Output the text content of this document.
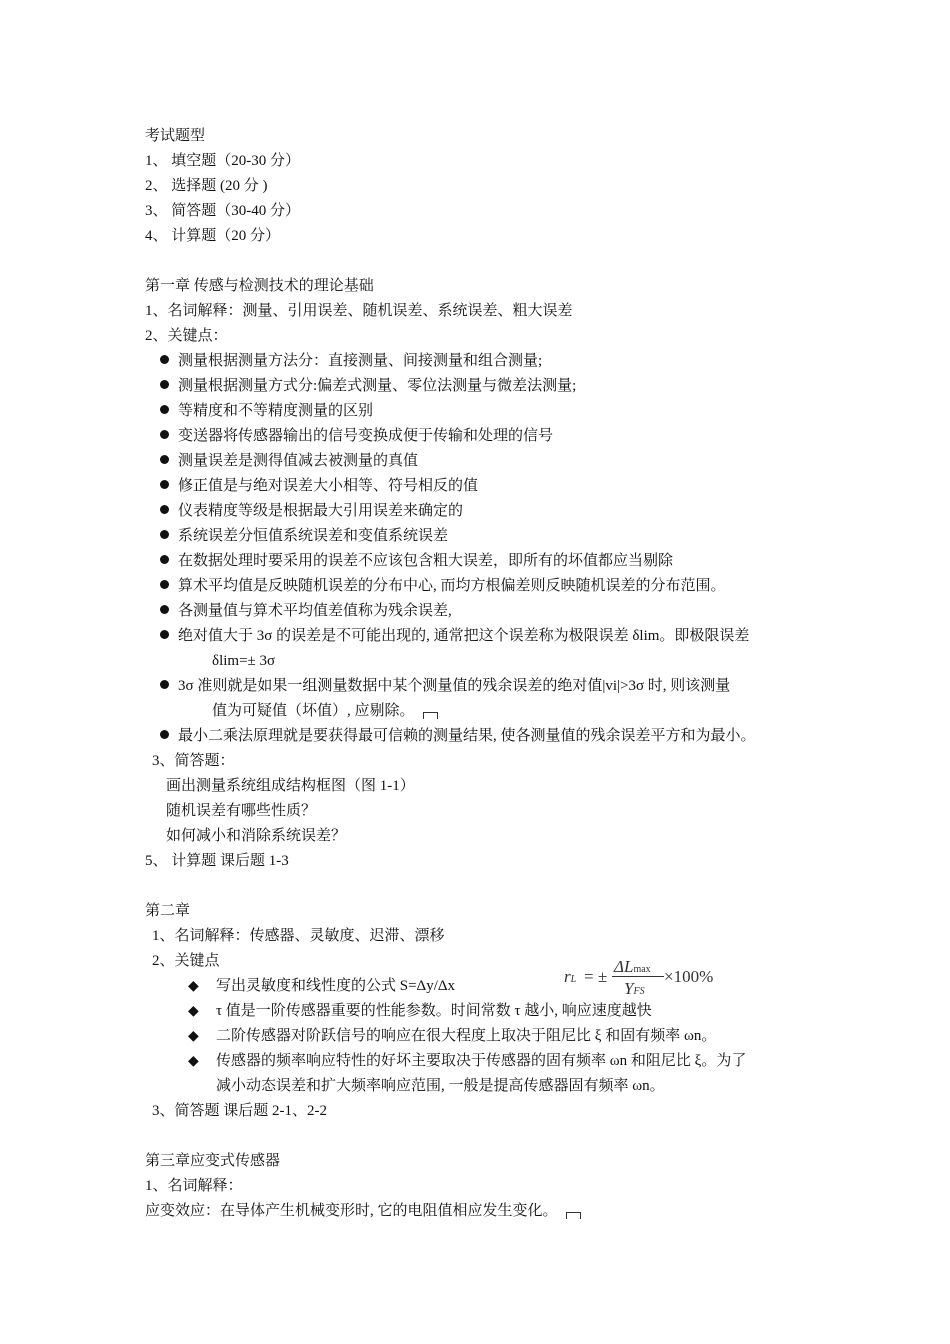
考试题型
1、 填空题（20-30 分）
2、 选择题 (20 分 )
3、 简答题（30-40 分）
4、 计算题（20 分）
第一章 传感与检测技术的理论基础
1、名词解释：测量、引用误差、随机误差、系统误差、粗大误差
2、关键点：
测量根据测量方法分：直接测量、间接测量和组合测量;
测量根据测量方式分:偏差式测量、零位法测量与微差法测量;
等精度和不等精度测量的区别
变送器将传感器输出的信号变换成便于传输和处理的信号
测量误差是测得值减去被测量的真值
修正值是与绝对误差大小相等、符号相反的值
仪表精度等级是根据最大引用误差来确定的
系统误差分恒值系统误差和变值系统误差
在数据处理时要采用的误差不应该包含粗大误差，即所有的坏值都应当剔除
算术平均值是反映随机误差的分布中心, 而均方根偏差则反映随机误差的分布范围。
各测量值与算术平均值差值称为残余误差,
绝对值大于 3σ 的误差是不可能出现的, 通常把这个误差称为极限误差 δlim。即极限误差
δlim=± 3σ
3σ 准则就是如果一组测量数据中某个测量值的残余误差的绝对值|vi|>3σ 时, 则该测量
值为可疑值（坏值）, 应剔除。
最小二乘法原理就是要获得最可信赖的测量结果, 使各测量值的残余误差平方和为最小。
3、简答题：
画出测量系统组成结构框图（图 1-1）
随机误差有哪些性质？
如何减小和消除系统误差？
5、 计算题 课后题 1-3
第二章
1、名词解释：传感器、灵敏度、迟滞、漂移
2、关键点
rL = ±
ΔLmax
YFS
×100%
◆ 写出灵敏度和线性度的公式 S=Δy/Δx
◆ τ 值是一阶传感器重要的性能参数。时间常数 τ 越小, 响应速度越快
◆ 二阶传感器对阶跃信号的响应在很大程度上取决于阻尼比 ξ 和固有频率 ωn。
◆ 传感器的频率响应特性的好坏主要取决于传感器的固有频率 ωn 和阻尼比 ξ。为了
减小动态误差和扩大频率响应范围, 一般是提高传感器固有频率 ωn。
3、简答题 课后题 2-1、2-2
第三章应变式传感器
1、名词解释：
应变效应：在导体产生机械变形时, 它的电阻值相应发生变化。
